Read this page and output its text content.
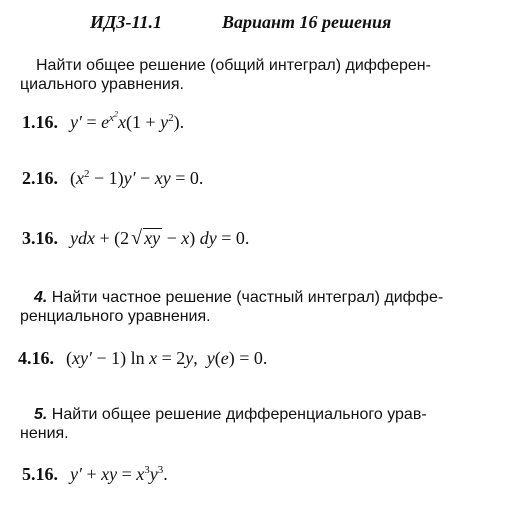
ИДЗ-11.1	Вариант 16 решения
Найти общее решение (общий интеграл) дифферен-
циального уравнения.
1.16. $y' = e^{x^2}x(1 + y^2)$.
2.16. $(x^2 - 1)y'$ − xy = 0.
3.16. ydx + (2 √ xy − x) dy = 0.
4. Найти частное решение (частный интеграл) диффе-
ренциального уравнения.
4.16. (xy′ − 1) ln x = 2y,  y(e) = 0.
5. Найти общее решение дифференциального урав-
нения.
5.16. y′ + xy = $x^3y^3$.
